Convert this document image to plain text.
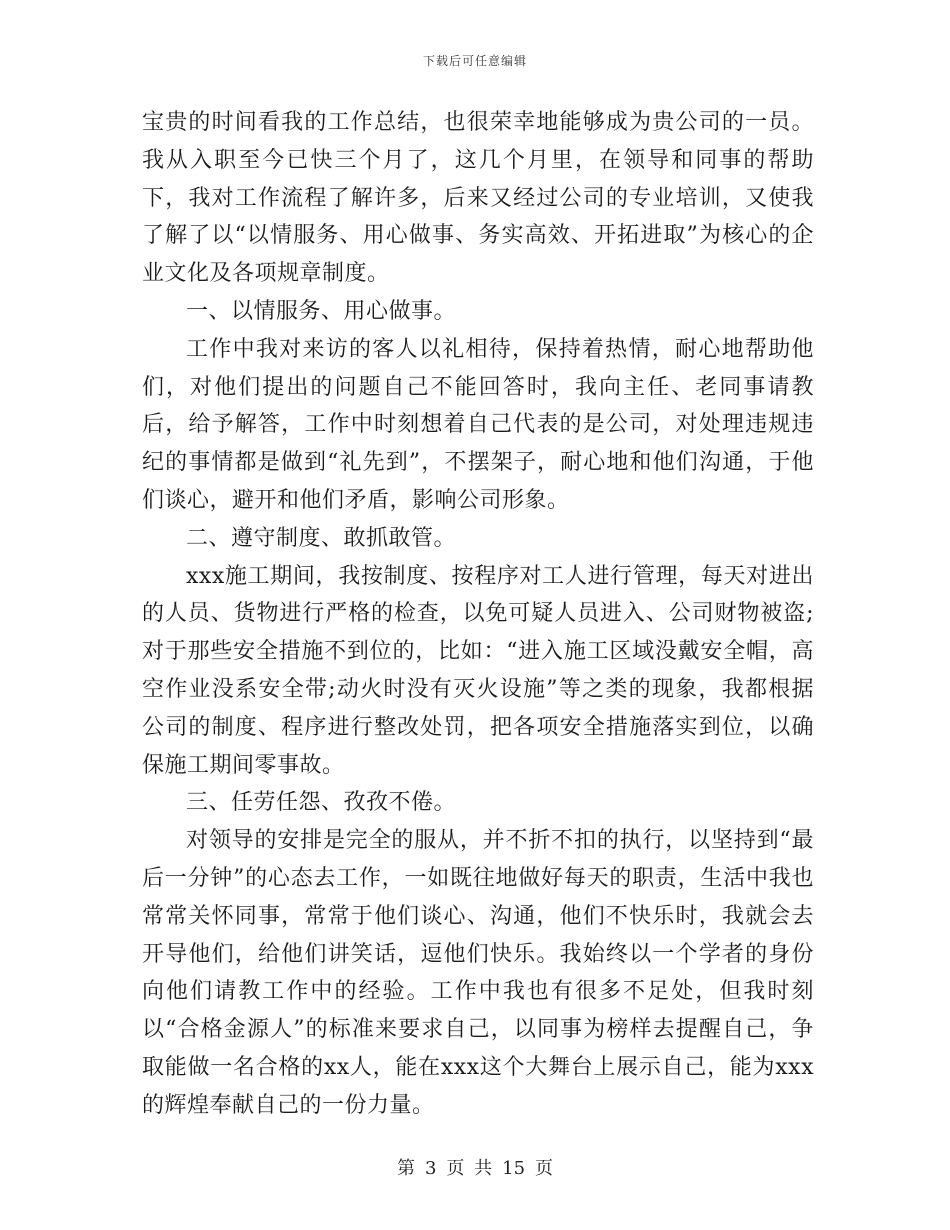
下载后可任意编辑

宝贵的时间看我的工作总结，也很荣幸地能够成为贵公司的一员。我从入职至今已快三个月了，这几个月里，在领导和同事的帮助下，我对工作流程了解许多，后来又经过公司的专业培训，又使我了解了以“以情服务、用心做事、务实高效、开拓进取”为核心的企业文化及各项规章制度。

一、以情服务、用心做事。

工作中我对来访的客人以礼相待，保持着热情，耐心地帮助他们，对他们提出的问题自己不能回答时，我向主任、老同事请教后，给予解答，工作中时刻想着自己代表的是公司，对处理违规违纪的事情都是做到“礼先到”，不摆架子，耐心地和他们沟通，于他们谈心，避开和他们矛盾，影响公司形象。

二、遵守制度、敢抓敢管。

xxx施工期间，我按制度、按程序对工人进行管理，每天对进出的人员、货物进行严格的检查，以免可疑人员进入、公司财物被盗;对于那些安全措施不到位的，比如：“进入施工区域没戴安全帽，高空作业没系安全带;动火时没有灭火设施”等之类的现象，我都根据公司的制度、程序进行整改处罚，把各项安全措施落实到位，以确保施工期间零事故。

三、任劳任怨、孜孜不倦。

对领导的安排是完全的服从，并不折不扣的执行，以坚持到“最后一分钟”的心态去工作，一如既往地做好每天的职责，生活中我也常常关怀同事，常常于他们谈心、沟通，他们不快乐时，我就会去开导他们，给他们讲笑话，逗他们快乐。我始终以一个学者的身份向他们请教工作中的经验。工作中我也有很多不足处，但我时刻以“合格金源人”的标准来要求自己，以同事为榜样去提醒自己，争取能做一名合格的xx人，能在xxx这个大舞台上展示自己，能为xxx的辉煌奉献自己的一份力量。

第 3 页 共 15 页
